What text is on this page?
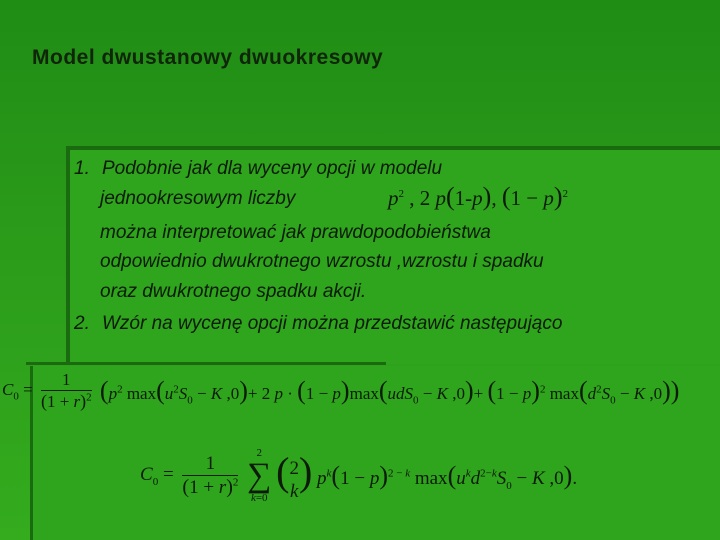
Model dwustanowy dwuokresowy
1. Podobnie jak dla wyceny opcji w modelu
jednookresowym liczby	$p^2$ , 2 p(1-p), $(1 - p)^2$
można interpretować jak prawdopodobieństwa
odpowiednio dwukrotnego wzrostu ,wzrostu i spadku
oraz dwukrotnego spadku akcji.
2. Wzór na wycenę opcji można przedstawić następująco
$C_0 = \frac{1}{(1 + r)^2} (p^2$ $\max(u^2S_0 - K$ ,0)+ 2 p · (1 − p)max(udS$_0$ − K $,0)+ (1 - p)^2$ $\max(d^2S_0 - K$ ,0))
$C_0 = \frac{1}{(1 + r)^2}$
	2
∑
k=0
( 2
k ) $p^k(1 - p)^{2 - k}$ $\max(u^kd^{2-k}S_0 - K$ ,0).
